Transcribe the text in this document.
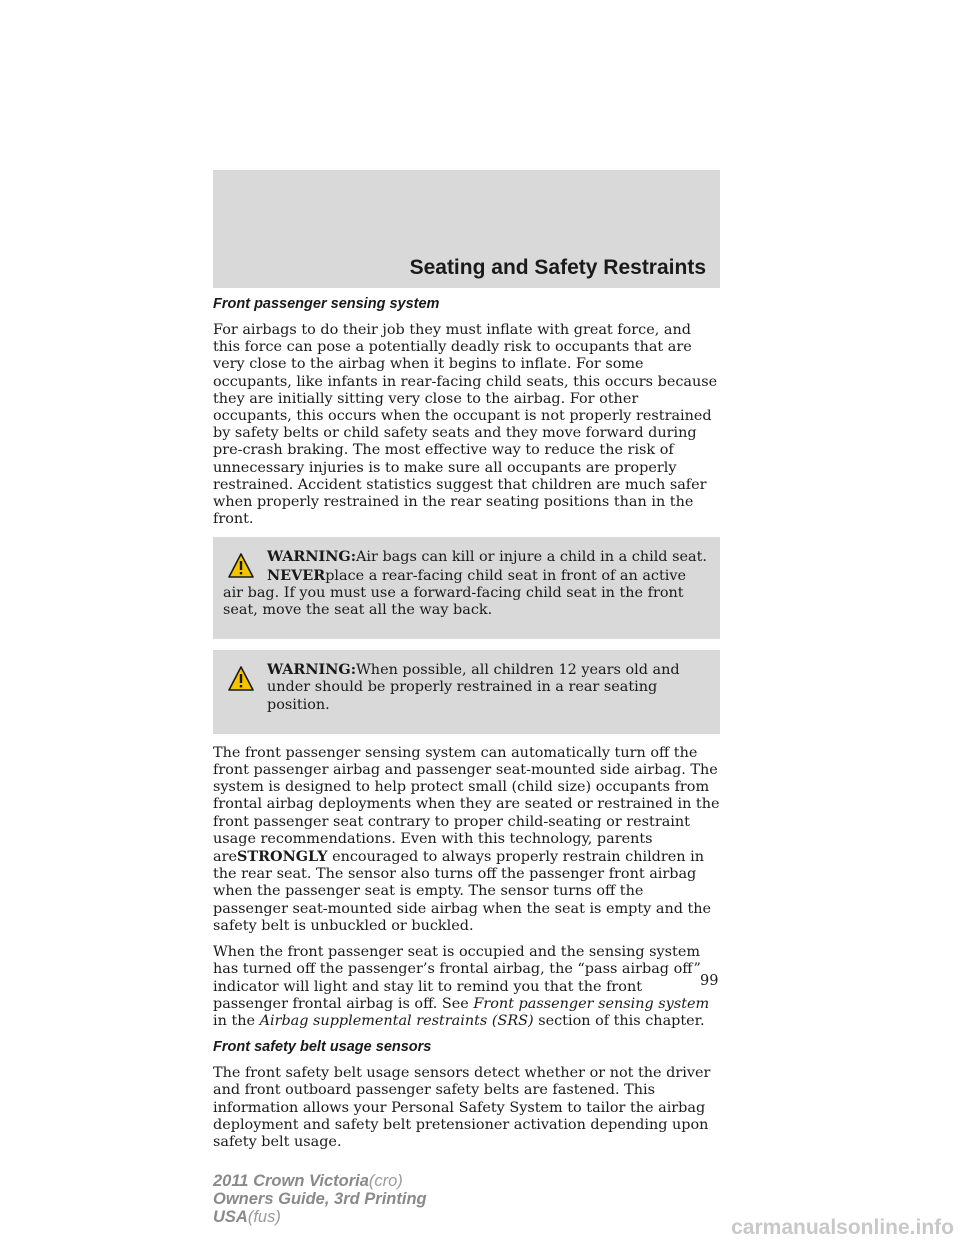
Seating and Safety Restraints
Front passenger sensing system

For airbags to do their job they must inflate with great force, and this force can pose a potentially deadly risk to occupants that are very close to the airbag when it begins to inflate. For some occupants, like infants in rear-facing child seats, this occurs because they are initially sitting very close to the airbag. For other occupants, this occurs when the occupant is not properly restrained by safety belts or child safety seats and they move forward during pre-crash braking. The most effective way to reduce the risk of unnecessary injuries is to make sure all occupants are properly restrained. Accident statistics suggest that children are much safer when properly restrained in the rear seating positions than in the front.

WARNING:Air bags can kill or injure a child in a child seat.
NEVERplace a rear-facing child seat in front of an active air bag. If you must use a forward-facing child seat in the front seat, move the seat all the way back.

WARNING:When possible, all children 12 years old and under should be properly restrained in a rear seating position.

The front passenger sensing system can automatically turn off the front passenger airbag and passenger seat-mounted side airbag. The system is designed to help protect small (child size) occupants from frontal airbag deployments when they are seated or restrained in the front passenger seat contrary to proper child-seating or restraint usage recommendations. Even with this technology, parents areSTRONGLY encouraged to always properly restrain children in the rear seat. The sensor also turns off the passenger front airbag when the passenger seat is empty. The sensor turns off the passenger seat-mounted side airbag when the seat is empty and the safety belt is unbuckled or buckled.

When the front passenger seat is occupied and the sensing system has turned off the passenger’s frontal airbag, the “pass airbag off” indicator will light and stay lit to remind you that the front passenger frontal airbag is off. See Front passenger sensing system in the Airbag supplemental restraints (SRS) section of this chapter.

Front safety belt usage sensors

The front safety belt usage sensors detect whether or not the driver and front outboard passenger safety belts are fastened. This information allows your Personal Safety System to tailor the airbag deployment and safety belt pretensioner activation depending upon safety belt usage.

99
2011 Crown Victoria(cro)
Owners Guide, 3rd Printing
USA(fus)	carmanualsonline.info
